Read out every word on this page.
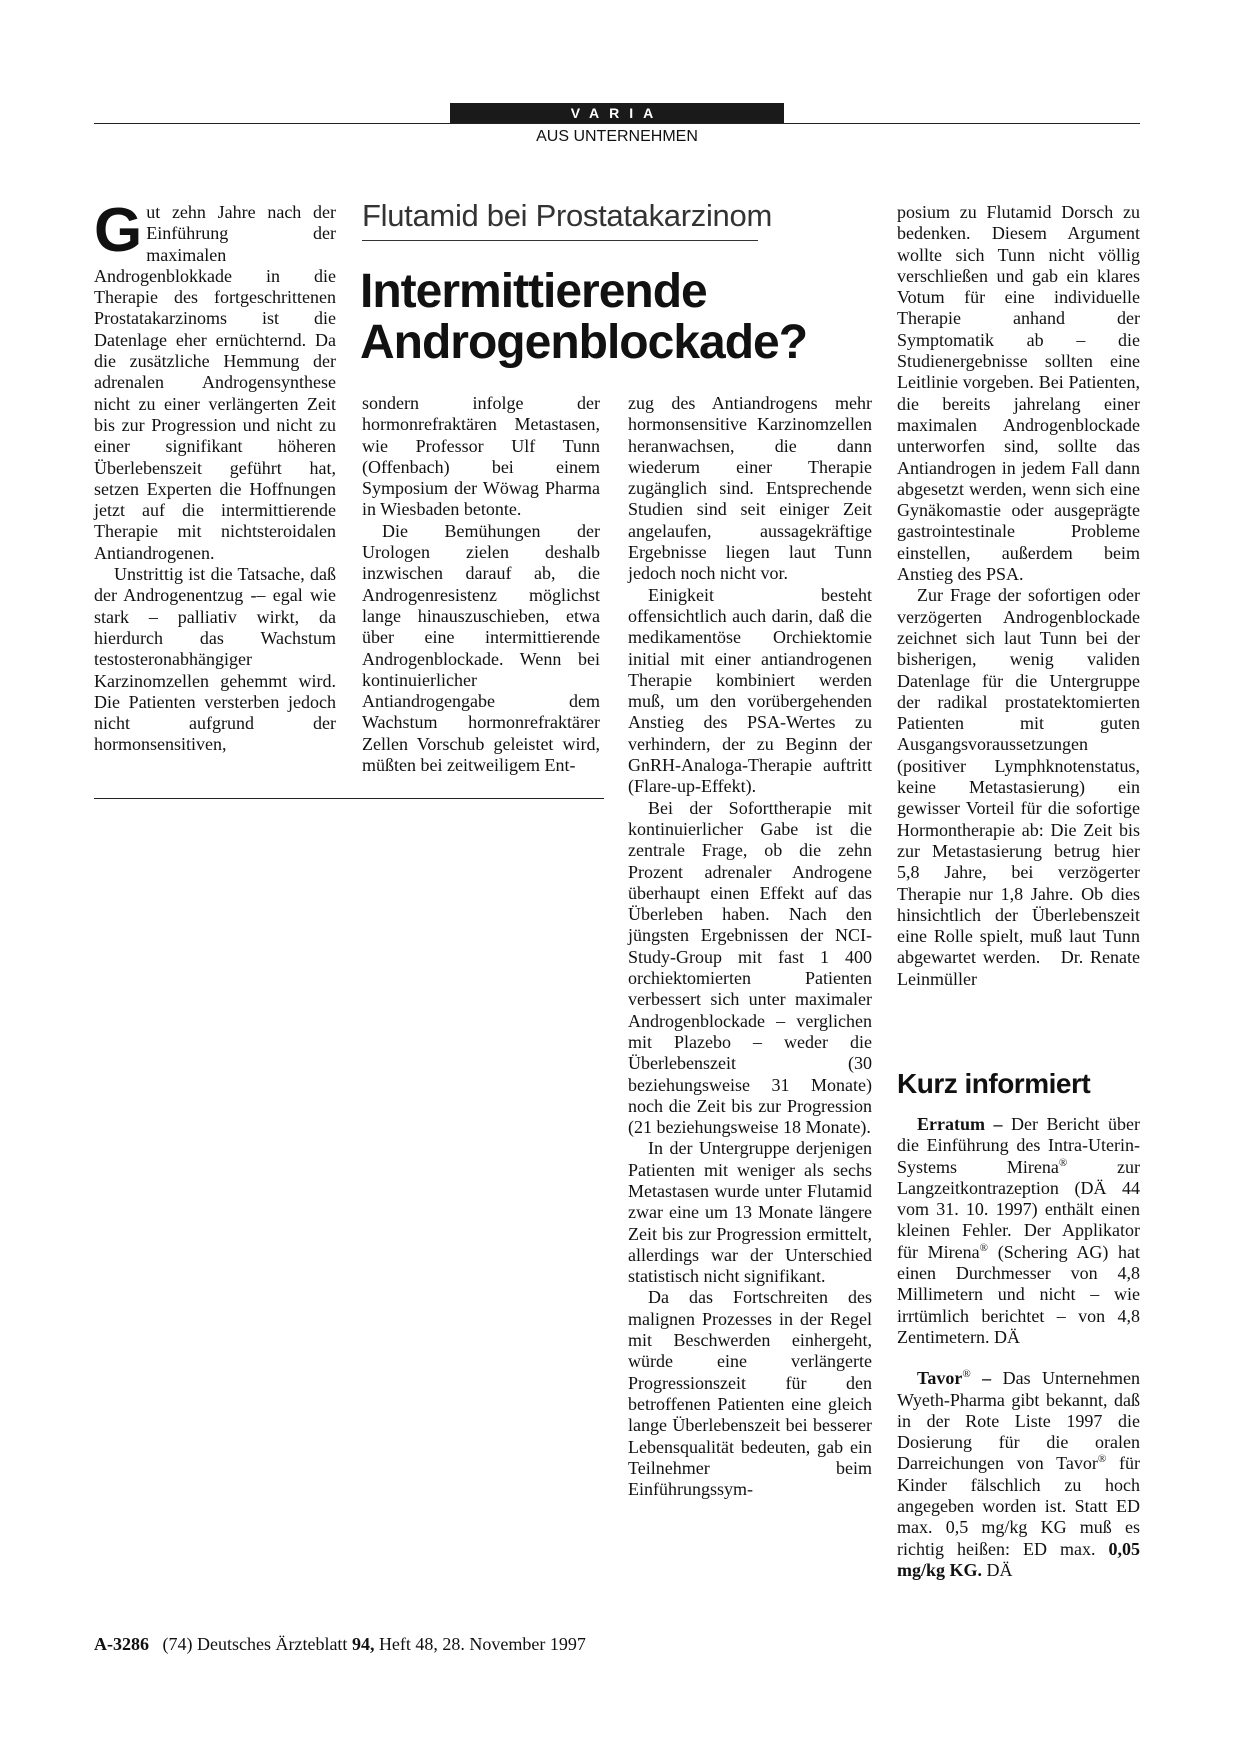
VARIA
AUS UNTERNEHMEN
Flutamid bei Prostatakarzinom
Intermittierende
Androgenblockade?

Gut zehn Jahre nach der Einführung der maximalen Androgenblokkade in die Therapie des fortgeschrittenen Prostatakarzinoms ist die Datenlage eher ernüchternd. Da die zusätzliche Hemmung der adrenalen Androgensynthese nicht zu einer verlängerten Zeit bis zur Progression und nicht zu einer signifikant höheren Überlebenszeit geführt hat, setzen Experten die Hoffnungen jetzt auf die intermittierende Therapie mit nichtsteroidalen Antiandrogenen.

Unstrittig ist die Tatsache, daß der Androgenentzug -– egal wie stark – palliativ wirkt, da hierdurch das Wachstum testosteronabhängiger Karzinomzellen gehemmt wird. Die Patienten versterben jedoch nicht aufgrund der hormonsensitiven,

sondern infolge der hormonrefraktären Metastasen, wie Professor Ulf Tunn (Offenbach) bei einem Symposium der Wöwag Pharma in Wiesbaden betonte.

Die Bemühungen der Urologen zielen deshalb inzwischen darauf ab, die Androgenresistenz möglichst lange hinauszuschieben, etwa über eine intermittierende Androgenblockade. Wenn bei kontinuierlicher Antiandrogengabe dem Wachstum hormonrefraktärer Zellen Vorschub geleistet wird, müßten bei zeitweiligem Ent-

zug des Antiandrogens mehr hormonsensitive Karzinomzellen heranwachsen, die dann wiederum einer Therapie zugänglich sind. Entsprechende Studien sind seit einiger Zeit angelaufen, aussagekräftige Ergebnisse liegen laut Tunn jedoch noch nicht vor.

Einigkeit besteht offensichtlich auch darin, daß die medikamentöse Orchiektomie initial mit einer antiandrogenen Therapie kombiniert werden muß, um den vorübergehenden Anstieg des PSA-Wertes zu verhindern, der zu Beginn der GnRH-Analoga-Therapie auftritt (Flare-up-Effekt).

Bei der Soforttherapie mit kontinuierlicher Gabe ist die zentrale Frage, ob die zehn Prozent adrenaler Androgene überhaupt einen Effekt auf das Überleben haben. Nach den jüngsten Ergebnissen der NCI-Study-Group mit fast 1 400 orchiektomierten Patienten verbessert sich unter maximaler Androgenblockade – verglichen mit Plazebo – weder die Überlebenszeit (30 beziehungsweise 31 Monate) noch die Zeit bis zur Progression (21 beziehungsweise 18 Monate).

In der Untergruppe derjenigen Patienten mit weniger als sechs Metastasen wurde unter Flutamid zwar eine um 13 Monate längere Zeit bis zur Progression ermittelt, allerdings war der Unterschied statistisch nicht signifikant.

Da das Fortschreiten des malignen Prozesses in der Regel mit Beschwerden einhergeht, würde eine verlängerte Progressionszeit für den betroffenen Patienten eine gleich lange Überlebenszeit bei besserer Lebensqualität bedeuten, gab ein Teilnehmer beim Einführungssym-

posium zu Flutamid Dorsch zu bedenken. Diesem Argument wollte sich Tunn nicht völlig verschließen und gab ein klares Votum für eine individuelle Therapie anhand der Symptomatik ab – die Studienergebnisse sollten eine Leitlinie vorgeben. Bei Patienten, die bereits jahrelang einer maximalen Androgenblockade unterworfen sind, sollte das Antiandrogen in jedem Fall dann abgesetzt werden, wenn sich eine Gynäkomastie oder ausgeprägte gastrointestinale Probleme einstellen, außerdem beim Anstieg des PSA.

Zur Frage der sofortigen oder verzögerten Androgenblockade zeichnet sich laut Tunn bei der bisherigen, wenig validen Datenlage für die Untergruppe der radikal prostatektomierten Patienten mit guten Ausgangsvoraussetzungen (positiver Lymphknotenstatus, keine Metastasierung) ein gewisser Vorteil für die sofortige Hormontherapie ab: Die Zeit bis zur Metastasierung betrug hier 5,8 Jahre, bei verzögerter Therapie nur 1,8 Jahre. Ob dies hinsichtlich der Überlebenszeit eine Rolle spielt, muß laut Tunn abgewartet werden. Dr. Renate Leinmüller

Kurz informiert

Erratum – Der Bericht über die Einführung des Intra-Uterin-Systems Mirena®	zur Langzeitkontrazeption (DÄ 44 vom 31. 10. 1997) enthält einen kleinen Fehler. Der Applikator für Mirena® (Schering AG) hat einen Durchmesser von 4,8 Millimetern und nicht – wie irrtümlich berichtet – von 4,8 Zentimetern. DÄ

Tavor® – Das Unternehmen Wyeth-Pharma gibt bekannt, daß in der Rote Liste 1997 die Dosierung für die oralen Darreichungen von Tavor® für Kinder fälschlich zu hoch angegeben worden ist. Statt ED max. 0,5 mg/kg KG muß es richtig heißen: ED max. 0,05 mg/kg KG. DÄ

A-3286 (74) Deutsches Ärzteblatt 94, Heft 48, 28. November 1997
